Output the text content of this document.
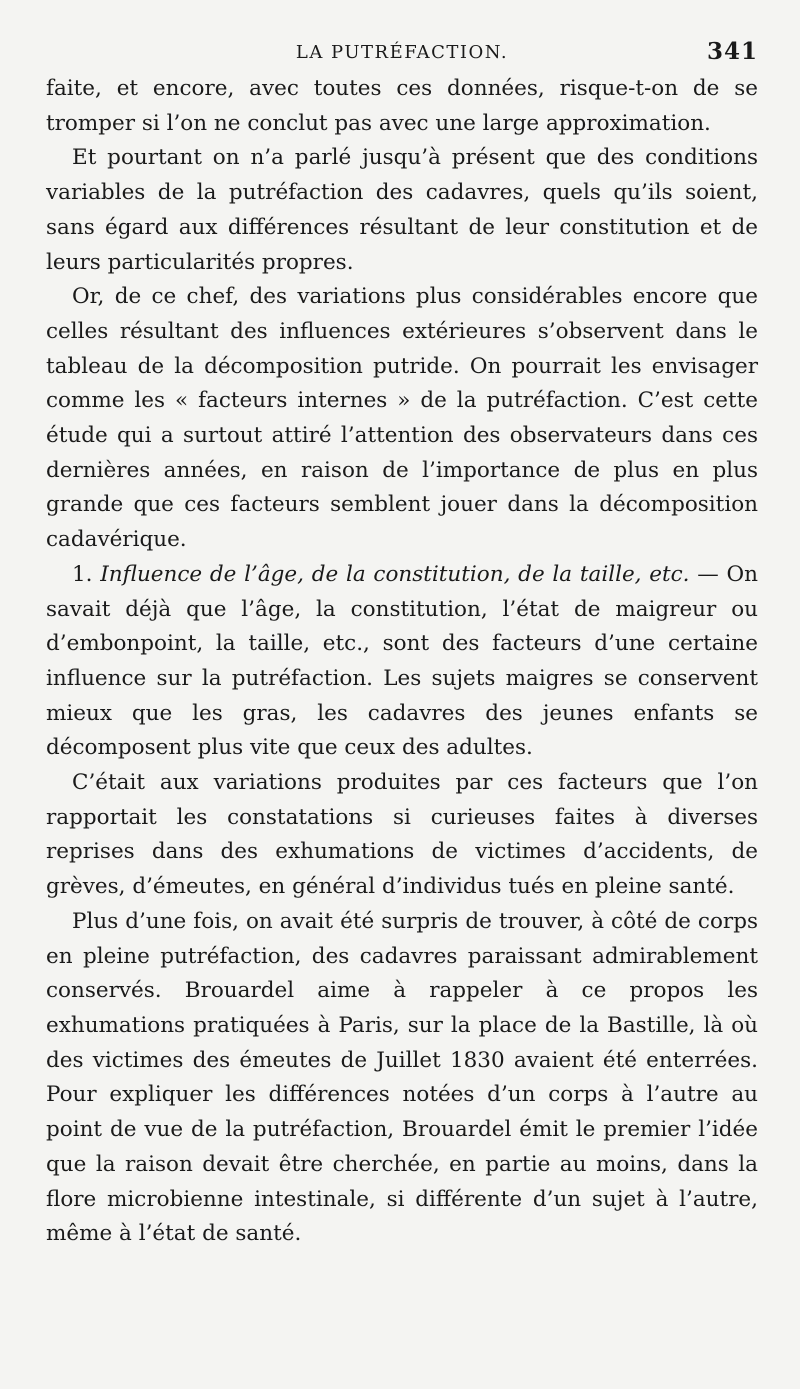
LA PUTRÉFACTION.	341

faite, et encore, avec toutes ces données, risque-t-on de se tromper si l’on ne conclut pas avec une large approximation.

Et pourtant on n’a parlé jusqu’à présent que des conditions variables de la putréfaction des cadavres, quels qu’ils soient, sans égard aux différences résultant de leur constitution et de leurs particularités propres.

Or, de ce chef, des variations plus considérables encore que celles résultant des influences extérieures s’observent dans le tableau de la décomposition putride. On pourrait les envisager comme les « facteurs internes » de la putréfaction. C’est cette étude qui a surtout attiré l’attention des observateurs dans ces dernières années, en raison de l’importance de plus en plus grande que ces facteurs semblent jouer dans la décomposition cadavérique.

1. Influence de l’âge, de la constitution, de la taille, etc. — On savait déjà que l’âge, la constitution, l’état de maigreur ou d’embonpoint, la taille, etc., sont des facteurs d’une certaine influence sur la putréfaction. Les sujets maigres se conservent mieux que les gras, les cadavres des jeunes enfants se décomposent plus vite que ceux des adultes.

C’était aux variations produites par ces facteurs que l’on rapportait les constatations si curieuses faites à diverses reprises dans des exhumations de victimes d’accidents, de grèves, d’émeutes, en général d’individus tués en pleine santé.

Plus d’une fois, on avait été surpris de trouver, à côté de corps en pleine putréfaction, des cadavres paraissant admirablement conservés. Brouardel aime à rappeler à ce propos les exhumations pratiquées à Paris, sur la place de la Bastille, là où des victimes des émeutes de Juillet 1830 avaient été enterrées. Pour expliquer les différences notées d’un corps à l’autre au point de vue de la putréfaction, Brouardel émit le premier l’idée que la raison devait être cherchée, en partie au moins, dans la flore microbienne intestinale, si différente d’un sujet à l’autre, même à l’état de santé.
